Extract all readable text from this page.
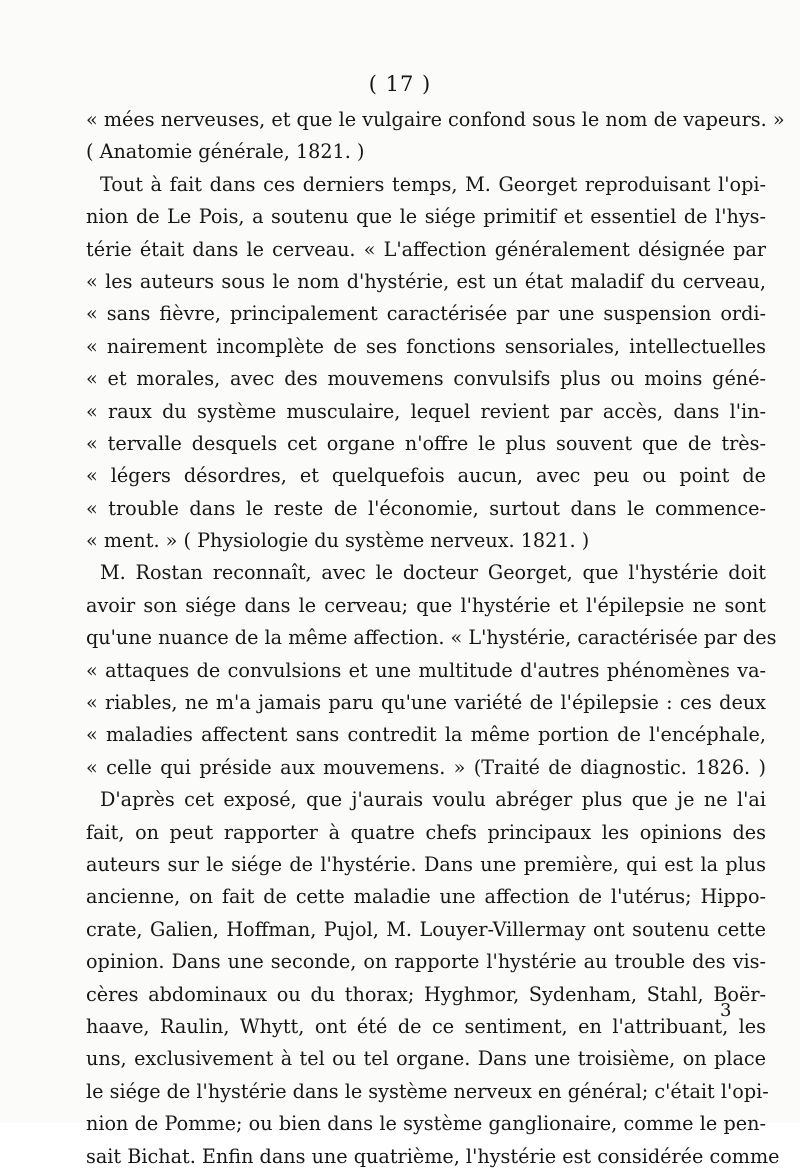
( 17 )
« mées nerveuses, et que le vulgaire confond sous le nom de vapeurs. »
( Anatomie générale, 1821. )
Tout à fait dans ces derniers temps, M. Georget reproduisant l'opi-
nion de Le Pois, a soutenu que le siége primitif et essentiel de l'hys-
térie était dans le cerveau. « L'affection généralement désignée par
« les auteurs sous le nom d'hystérie, est un état maladif du cerveau,
« sans fièvre, principalement caractérisée par une suspension ordi-
« nairement incomplète de ses fonctions sensoriales, intellectuelles
« et morales, avec des mouvemens convulsifs plus ou moins géné-
« raux du système musculaire, lequel revient par accès, dans l'in-
« tervalle desquels cet organe n'offre le plus souvent que de très-
« légers désordres, et quelquefois aucun, avec peu ou point de
« trouble dans le reste de l'économie, surtout dans le commence-
« ment. » ( Physiologie du système nerveux. 1821. )
M. Rostan reconnaît, avec le docteur Georget, que l'hystérie doit
avoir son siége dans le cerveau; que l'hystérie et l'épilepsie ne sont
qu'une nuance de la même affection. « L'hystérie, caractérisée par des
« attaques de convulsions et une multitude d'autres phénomènes va-
« riables, ne m'a jamais paru qu'une variété de l'épilepsie : ces deux
« maladies affectent sans contredit la même portion de l'encéphale,
« celle qui préside aux mouvemens. » (Traité de diagnostic. 1826. )
D'après cet exposé, que j'aurais voulu abréger plus que je ne l'ai
fait, on peut rapporter à quatre chefs principaux les opinions des
auteurs sur le siége de l'hystérie. Dans une première, qui est la plus
ancienne, on fait de cette maladie une affection de l'utérus; Hippo-
crate, Galien, Hoffman, Pujol, M. Louyer-Villermay ont soutenu cette
opinion. Dans une seconde, on rapporte l'hystérie au trouble des vis-
cères abdominaux ou du thorax; Hyghmor, Sydenham, Stahl, Boër-
haave, Raulin, Whytt, ont été de ce sentiment, en l'attribuant, les
uns, exclusivement à tel ou tel organe. Dans une troisième, on place
le siége de l'hystérie dans le système nerveux en général; c'était l'opi-
nion de Pomme; ou bien dans le système ganglionaire, comme le pen-
sait Bichat. Enfin dans une quatrième, l'hystérie est considérée comme
3
